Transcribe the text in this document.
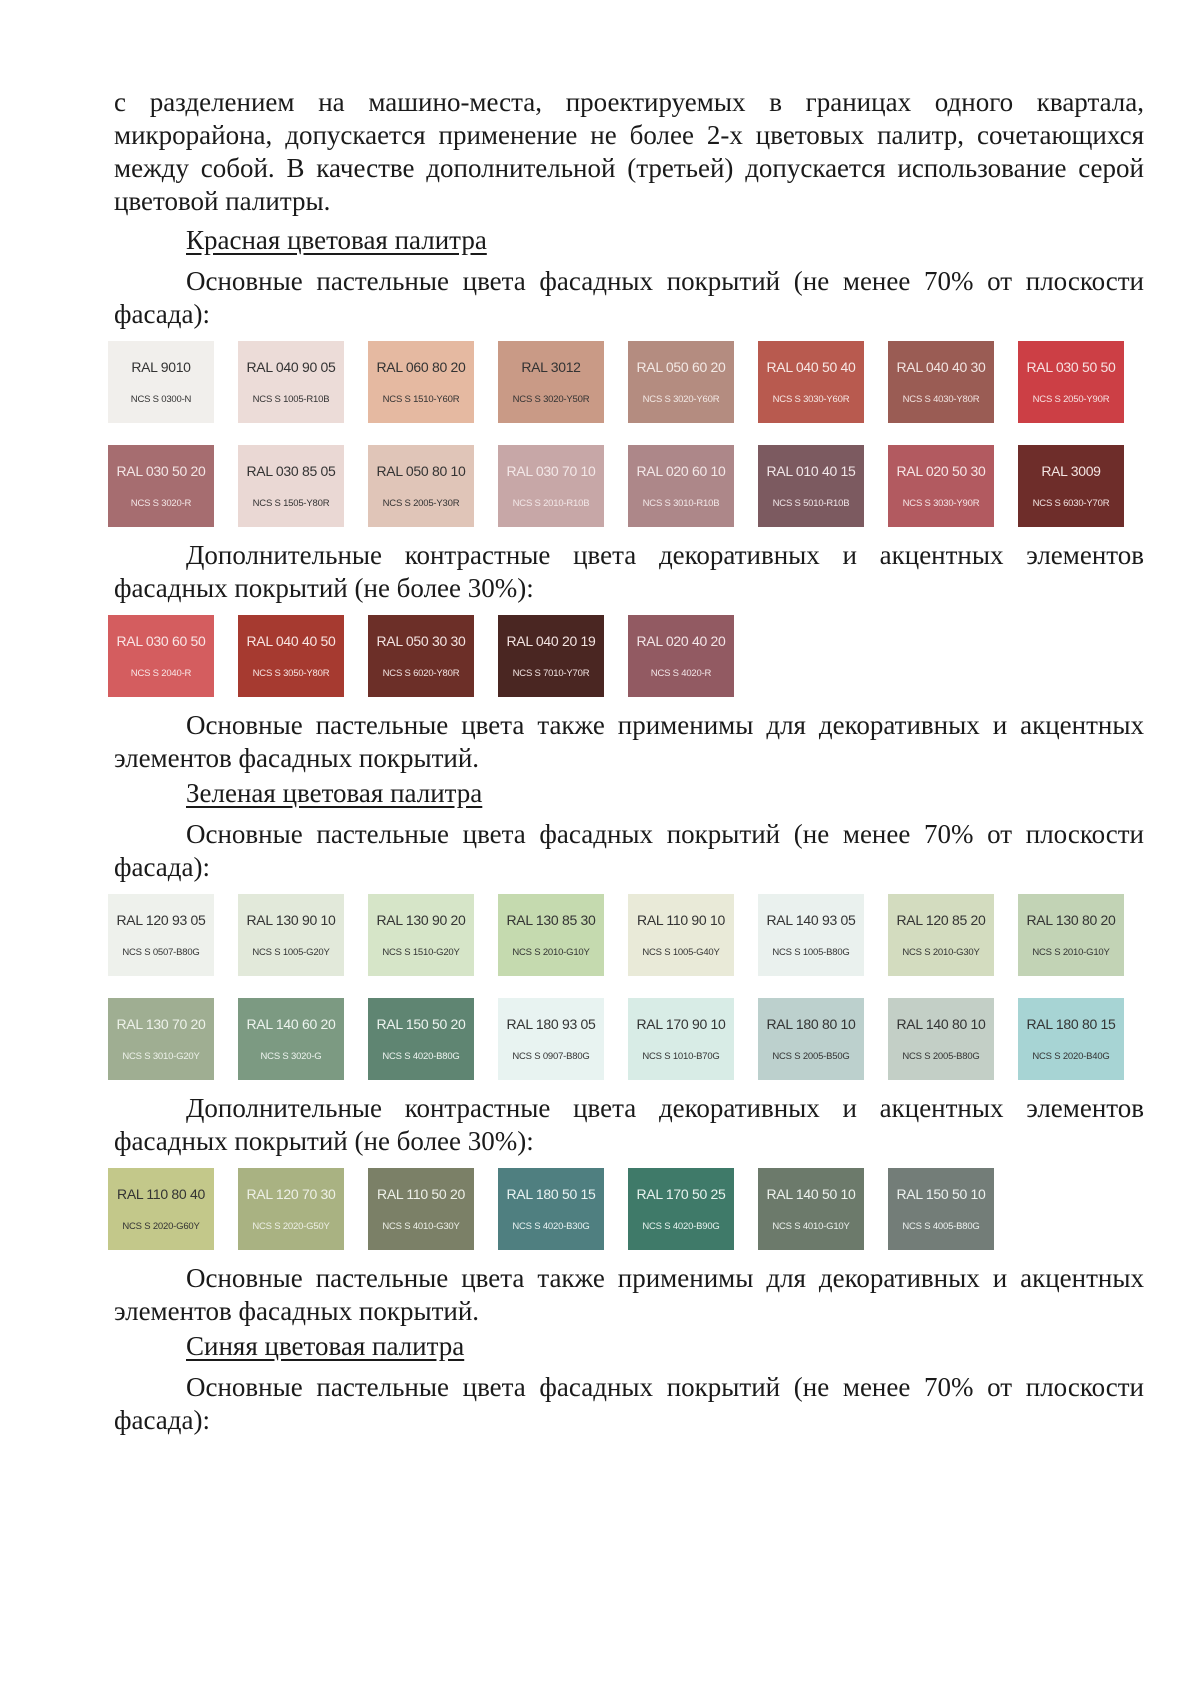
с разделением на машино-места, проектируемых в границах одного квартала, микрорайона, допускается применение не более 2-х цветовых палитр, сочетающихся между собой. В качестве дополнительной (третьей) допускается использование серой цветовой палитры.

Красная цветовая палитра

Основные пастельные цвета фасадных покрытий (не менее 70% от плоскости фасада):

RAL 9010
NCS S 0300-N
RAL 040 90 05
NCS S 1005-R10B
RAL 060 80 20
NCS S 1510-Y60R
RAL 3012
NCS S 3020-Y50R
RAL 050 60 20
NCS S 3020-Y60R
RAL 040 50 40
NCS S 3030-Y60R
RAL 040 40 30
NCS S 4030-Y80R
RAL 030 50 50
NCS S 2050-Y90R
RAL 030 50 20
NCS S 3020-R
RAL 030 85 05
NCS S 1505-Y80R
RAL 050 80 10
NCS S 2005-Y30R
RAL 030 70 10
NCS S 2010-R10B
RAL 020 60 10
NCS S 3010-R10B
RAL 010 40 15
NCS S 5010-R10B
RAL 020 50 30
NCS S 3030-Y90R
RAL 3009
NCS S 6030-Y70R

Дополнительные контрастные цвета декоративных и акцентных элементов фасадных покрытий (не более 30%):

RAL 030 60 50
NCS S 2040-R
RAL 040 40 50
NCS S 3050-Y80R
RAL 050 30 30
NCS S 6020-Y80R
RAL 040 20 19
NCS S 7010-Y70R
RAL 020 40 20
NCS S 4020-R

Основные пастельные цвета также применимы для декоративных и акцентных элементов фасадных покрытий.

Зеленая цветовая палитра

Основные пастельные цвета фасадных покрытий (не менее 70% от плоскости фасада):

RAL 120 93 05
NCS S 0507-B80G
RAL 130 90 10
NCS S 1005-G20Y
RAL 130 90 20
NCS S 1510-G20Y
RAL 130 85 30
NCS S 2010-G10Y
RAL 110 90 10
NCS S 1005-G40Y
RAL 140 93 05
NCS S 1005-B80G
RAL 120 85 20
NCS S 2010-G30Y
RAL 130 80 20
NCS S 2010-G10Y
RAL 130 70 20
NCS S 3010-G20Y
RAL 140 60 20
NCS S 3020-G
RAL 150 50 20
NCS S 4020-B80G
RAL 180 93 05
NCS S 0907-B80G
RAL 170 90 10
NCS S 1010-B70G
RAL 180 80 10
NCS S 2005-B50G
RAL 140 80 10
NCS S 2005-B80G
RAL 180 80 15
NCS S 2020-B40G

Дополнительные контрастные цвета декоративных и акцентных элементов фасадных покрытий (не более 30%):

RAL 110 80 40
NCS S 2020-G60Y
RAL 120 70 30
NCS S 2020-G50Y
RAL 110 50 20
NCS S 4010-G30Y
RAL 180 50 15
NCS S 4020-B30G
RAL 170 50 25
NCS S 4020-B90G
RAL 140 50 10
NCS S 4010-G10Y
RAL 150 50 10
NCS S 4005-B80G

Основные пастельные цвета также применимы для декоративных и акцентных элементов фасадных покрытий.

Синяя цветовая палитра

Основные пастельные цвета фасадных покрытий (не менее 70% от плоскости фасада):
